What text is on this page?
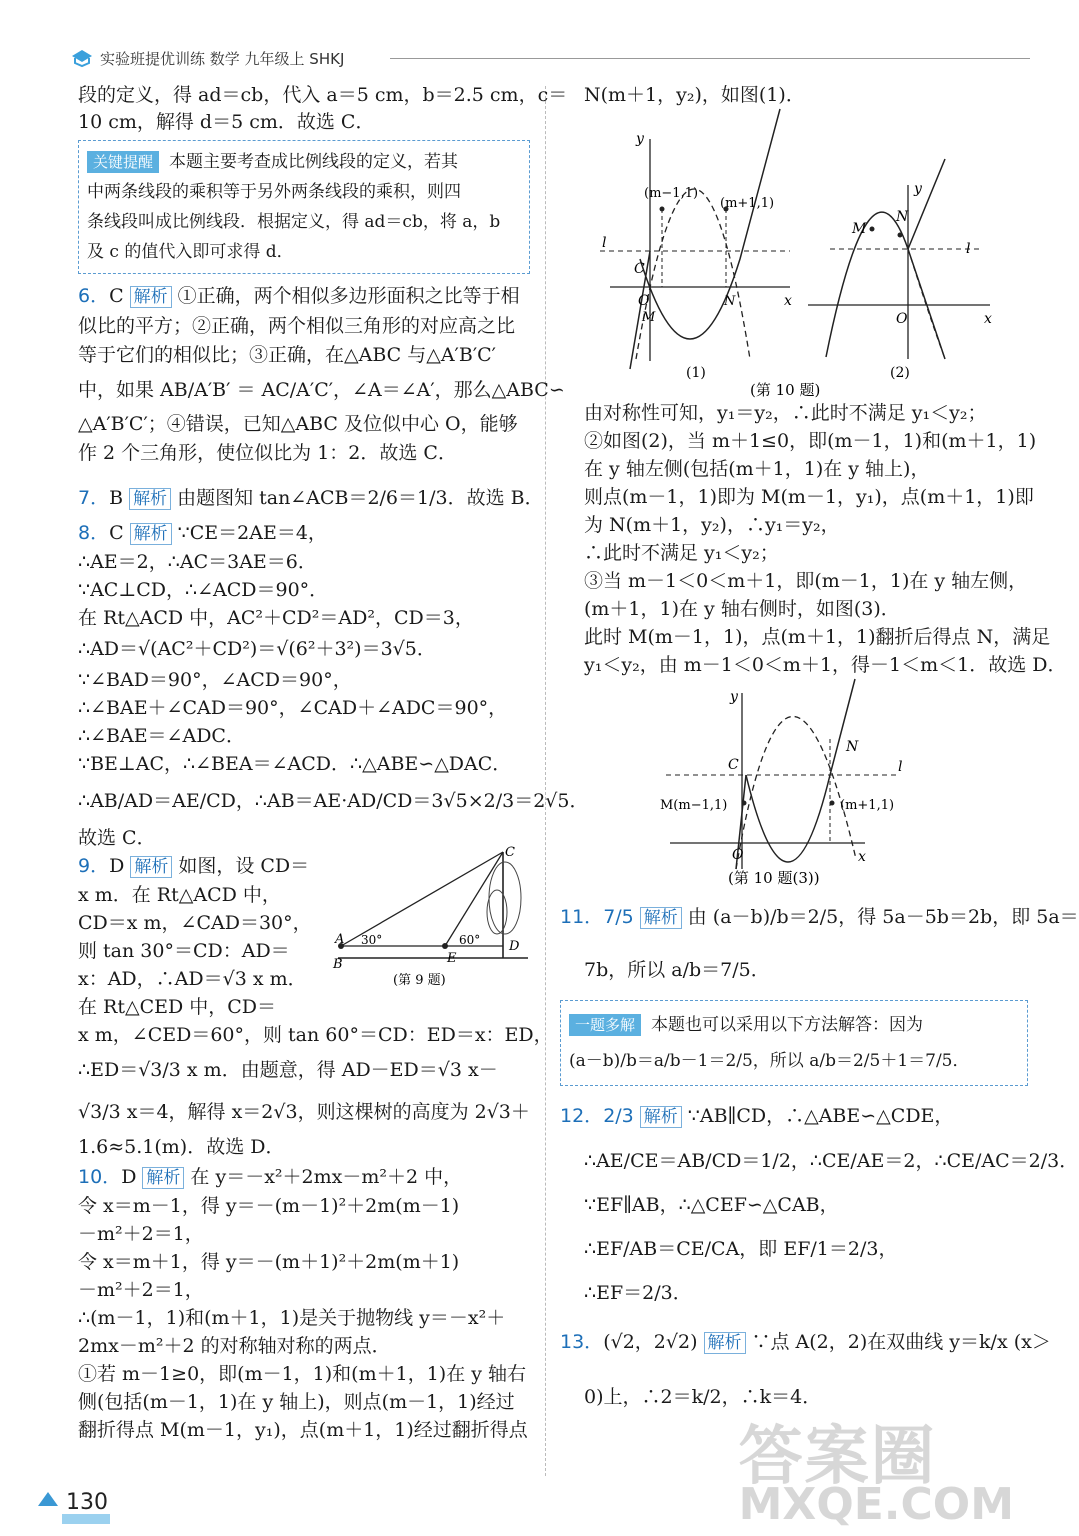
实验班提优训练 数学 九年级上 SHKJ

段的定义，得 ad＝cb，代入 a＝5 cm，b＝2.5 cm，c＝

10 cm，解得 d＝5 cm．故选 C．

关键提醒 本题主要考查成比例线段的定义，若其
中两条线段的乘积等于另外两条线段的乘积，则四
条线段叫成比例线段．根据定义，得 ad＝cb，将 a，b
及 c 的值代入即可求得 d．

6．C 解析 ①正确，两个相似多边形面积之比等于相

似比的平方；②正确，两个相似三角形的对应高之比

等于它们的相似比；③正确，在△ABC 与△A′B′C′

中，如果 AB/A′B′ ＝ AC/A′C′，∠A＝∠A′，那么△ABC∽

△A′B′C′；④错误，已知△ABC 及位似中心 O，能够

作 2 个三角形，使位似比为 1：2．故选 C．

7．B 解析 由题图知 tan∠ACB＝2/6＝1/3．故选 B．

8．C 解析 ∵CE＝2AE＝4，

∴AE＝2，∴AC＝3AE＝6．

∵AC⊥CD，∴∠ACD＝90°．

在 Rt△ACD 中，AC²＋CD²＝AD²，CD＝3，

∴AD＝√(AC²＋CD²)＝√(6²＋3²)＝3√5．

∵∠BAD＝90°，∠ACD＝90°，

∴∠BAE＋∠CAD＝90°，∠CAD＋∠ADC＝90°，

∴∠BAE＝∠ADC．

∵BE⊥AC，∴∠BEA＝∠ACD．∴△ABE∽△DAC．

∴AB/AD＝AE/CD，∴AB＝AE·AD/CD＝3√5×2/3＝2√5．

故选 C．

9．D 解析 如图，设 CD＝

x m．在 Rt△ACD 中，

CD＝x m，∠CAD＝30°，

则 tan 30°＝CD：AD＝

x：AD，∴AD＝√3 x m．

在 Rt△CED 中，CD＝

x m，∠CED＝60°，则 tan 60°＝CD：ED＝x：ED，

∴ED＝√3/3 x m．由题意，得 AD－ED＝√3 x－

√3/3 x＝4，解得 x＝2√3，则这棵树的高度为 2√3＋

1.6≈5.1(m)．故选 D．

A
B	E
C
D
30°	60°
(第 9 题)

10．D 解析 在 y＝－x²＋2mx－m²＋2 中，

令 x＝m－1，得 y＝－(m－1)²＋2m(m－1)

－m²＋2＝1，

令 x＝m＋1，得 y＝－(m＋1)²＋2m(m＋1)

－m²＋2＝1，

∴(m－1，1)和(m＋1，1)是关于抛物线 y＝－x²＋

2mx－m²＋2 的对称轴对称的两点．

①若 m－1≥0，即(m－1，1)和(m＋1，1)在 y 轴右

侧(包括(m－1，1)在 y 轴上)，则点(m－1，1)经过

翻折得点 M(m－1，y₁)，点(m＋1，1)经过翻折得点

N(m＋1，y₂)，如图(1)．

y
x
l
(m−1,1)
(m+1,1)
C
O
M
N
(1)
y
x
l
M
N
O
(2)
(第 10 题)

由对称性可知，y₁＝y₂，∴此时不满足 y₁＜y₂；

②如图(2)，当 m＋1≤0，即(m－1，1)和(m＋1，1)

在 y 轴左侧(包括(m＋1，1)在 y 轴上)，

则点(m－1，1)即为 M(m－1，y₁)，点(m＋1，1)即

为 N(m＋1，y₂)，∴y₁＝y₂，

∴此时不满足 y₁＜y₂；

③当 m－1＜0＜m＋1，即(m－1，1)在 y 轴左侧，

(m＋1，1)在 y 轴右侧时，如图(3)．

此时 M(m－1，1)，点(m＋1，1)翻折后得点 N，满足

y₁＜y₂，由 m－1＜0＜m＋1，得－1＜m＜1．故选 D．

y
x
l
C
N
M(m−1,1)	(m+1,1)
O
(第 10 题(3))

11．7/5 解析 由 (a－b)/b＝2/5，得 5a－5b＝2b，即 5a＝

7b，所以 a/b＝7/5．

一题多解 本题也可以采用以下方法解答：因为
(a－b)/b＝a/b－1＝2/5，所以 a/b＝2/5＋1＝7/5．

12．2/3 解析 ∵AB∥CD，∴△ABE∽△CDE，

∴AE/CE＝AB/CD＝1/2，∴CE/AE＝2，∴CE/AC＝2/3．

∵EF∥AB，∴△CEF∽△CAB，

∴EF/AB＝CE/CA，即 EF/1＝2/3，

∴EF＝2/3．

13．(√2，2√2) 解析 ∵点 A(2，2)在双曲线 y＝k/x (x＞

0)上，∴2＝k/2，∴k＝4．

130
答案圈
MXQE.COM
